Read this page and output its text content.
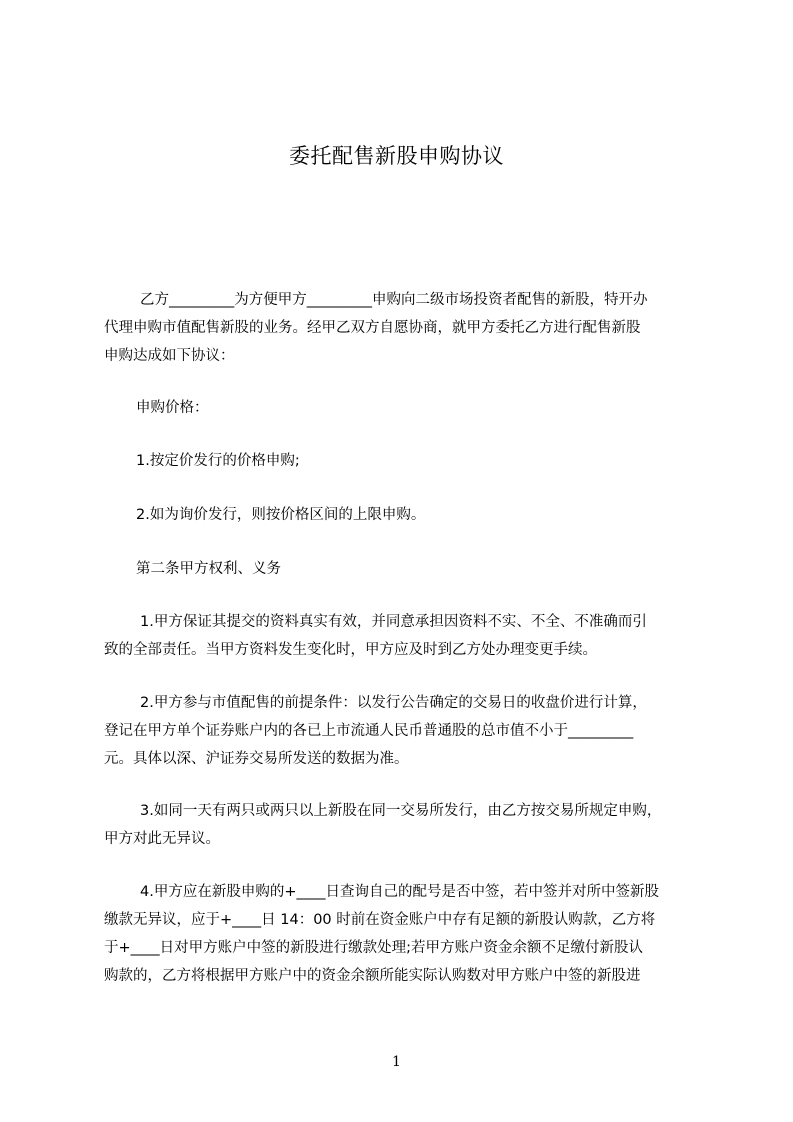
委托配售新股申购协议
乙方_________为方便甲方_________申购向二级市场投资者配售的新股，特开办
代理申购市值配售新股的业务。经甲乙双方自愿协商，就甲方委托乙方进行配售新股
申购达成如下协议：
申购价格：
1.按定价发行的价格申购;
2.如为询价发行，则按价格区间的上限申购。
第二条甲方权利、义务
1.甲方保证其提交的资料真实有效，并同意承担因资料不实、不全、不准确而引
致的全部责任。当甲方资料发生变化时，甲方应及时到乙方处办理变更手续。
2.甲方参与市值配售的前提条件：以发行公告确定的交易日的收盘价进行计算，
登记在甲方单个证券账户内的各已上市流通人民币普通股的总市值不小于_________
元。具体以深、沪证券交易所发送的数据为准。
3.如同一天有两只或两只以上新股在同一交易所发行，由乙方按交易所规定申购，
甲方对此无异议。
4.甲方应在新股申购的+____日查询自己的配号是否中签，若中签并对所中签新股
缴款无异议，应于+____日 14：00 时前在资金账户中存有足额的新股认购款，乙方将
于+____日对甲方账户中签的新股进行缴款处理;若甲方账户资金余额不足缴付新股认
购款的，乙方将根据甲方账户中的资金余额所能实际认购数对甲方账户中签的新股进
1
